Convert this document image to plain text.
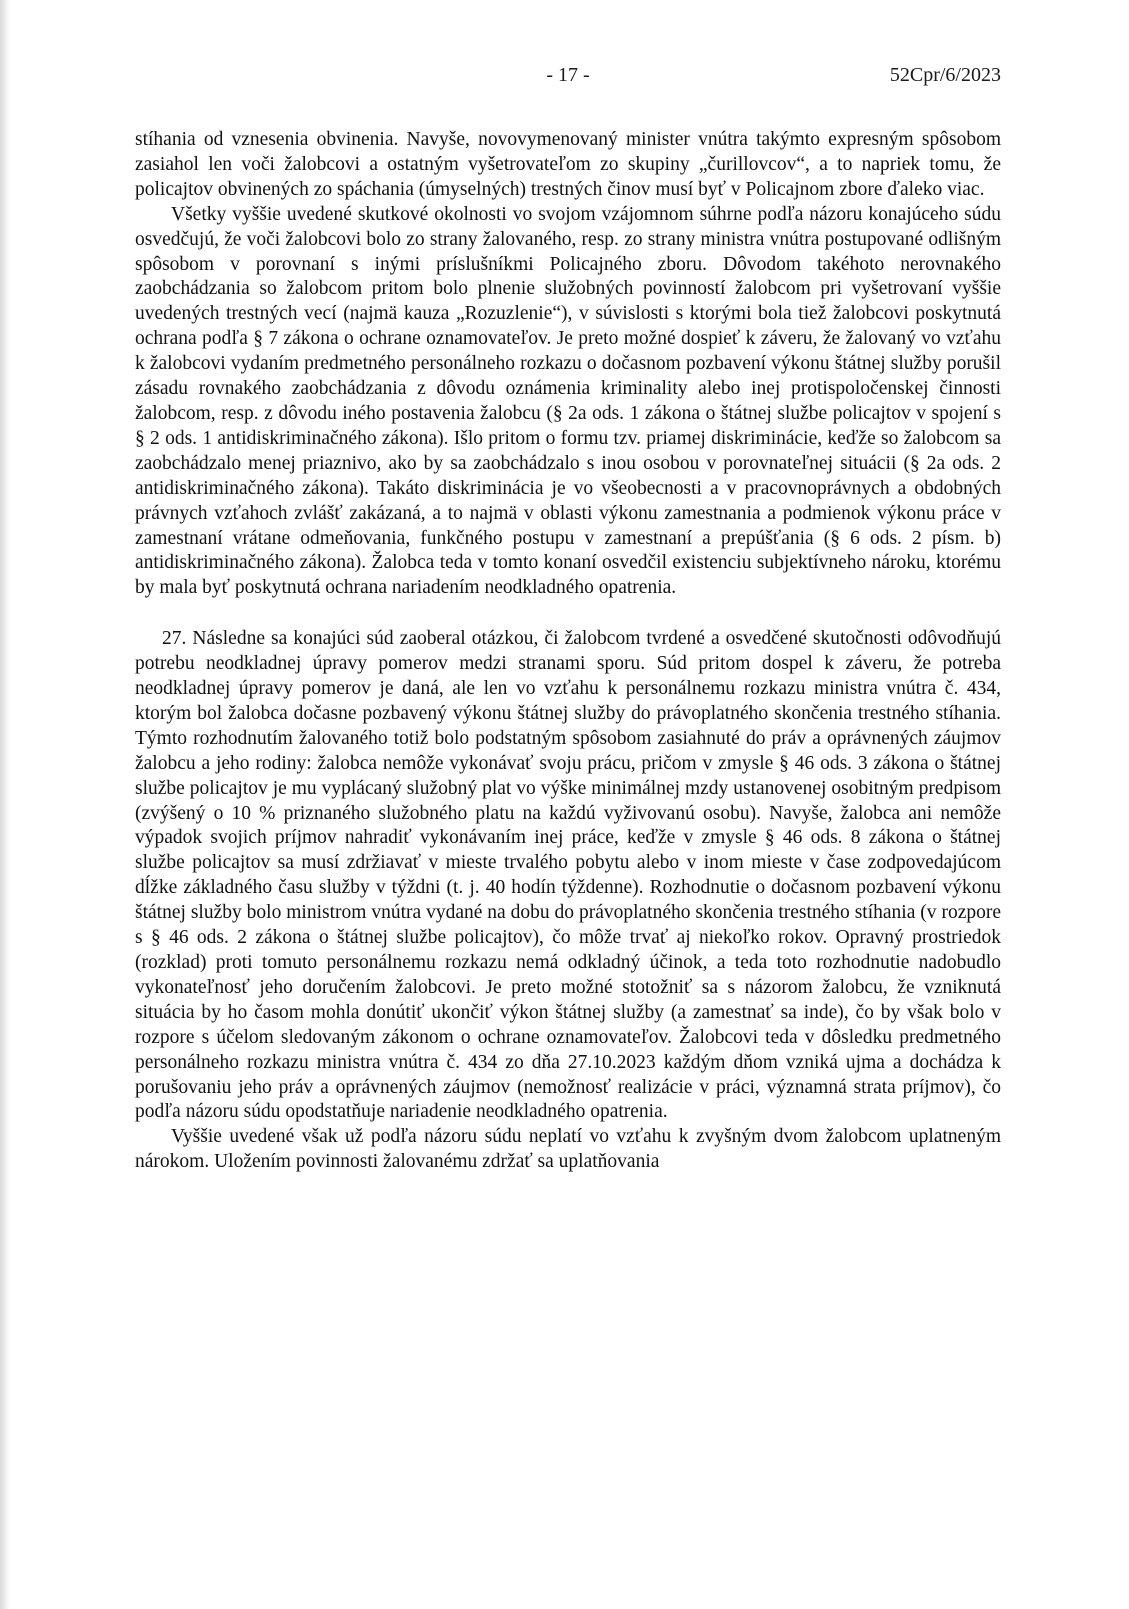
- 17 -	52Cpr/6/2023

stíhania od vznesenia obvinenia. Navyše, novovymenovaný minister vnútra takýmto expresným spôsobom zasiahol len voči žalobcovi a ostatným vyšetrovateľom zo skupiny „čurillovcov“, a to napriek tomu, že policajtov obvinených zo spáchania (úmyselných) trestných činov musí byť v Policajnom zbore ďaleko viac.

Všetky vyššie uvedené skutkové okolnosti vo svojom vzájomnom súhrne podľa názoru konajúceho súdu osvedčujú, že voči žalobcovi bolo zo strany žalovaného, resp. zo strany ministra vnútra postupované odlišným spôsobom v porovnaní s inými príslušníkmi Policajného zboru. Dôvodom takéhoto nerovnakého zaobchádzania so žalobcom pritom bolo plnenie služobných povinností žalobcom pri vyšetrovaní vyššie uvedených trestných vecí (najmä kauza „Rozuzlenie“), v súvislosti s ktorými bola tiež žalobcovi poskytnutá ochrana podľa § 7 zákona o ochrane oznamovateľov. Je preto možné dospieť k záveru, že žalovaný vo vzťahu k žalobcovi vydaním predmetného personálneho rozkazu o dočasnom pozbavení výkonu štátnej služby porušil zásadu rovnakého zaobchádzania z dôvodu oznámenia kriminality alebo inej protispoločenskej činnosti žalobcom, resp. z dôvodu iného postavenia žalobcu (§ 2a ods. 1 zákona o štátnej službe policajtov v spojení s § 2 ods. 1 antidiskriminačného zákona). Išlo pritom o formu tzv. priamej diskriminácie, keďže so žalobcom sa zaobchádzalo menej priaznivo, ako by sa zaobchádzalo s inou osobou v porovnateľnej situácii (§ 2a ods. 2 antidiskriminačného zákona). Takáto diskriminácia je vo všeobecnosti a v pracovnoprávnych a obdobných právnych vzťahoch zvlášť zakázaná, a to najmä v oblasti výkonu zamestnania a podmienok výkonu práce v zamestnaní vrátane odmeňovania, funkčného postupu v zamestnaní a prepúšťania (§ 6 ods. 2 písm. b) antidiskriminačného zákona). Žalobca teda v tomto konaní osvedčil existenciu subjektívneho nároku, ktorému by mala byť poskytnutá ochrana nariadením neodkladného opatrenia.

27. Následne sa konajúci súd zaoberal otázkou, či žalobcom tvrdené a osvedčené skutočnosti odôvodňujú potrebu neodkladnej úpravy pomerov medzi stranami sporu. Súd pritom dospel k záveru, že potreba neodkladnej úpravy pomerov je daná, ale len vo vzťahu k personálnemu rozkazu ministra vnútra č. 434, ktorým bol žalobca dočasne pozbavený výkonu štátnej služby do právoplatného skončenia trestného stíhania. Týmto rozhodnutím žalovaného totiž bolo podstatným spôsobom zasiahnuté do práv a oprávnených záujmov žalobcu a jeho rodiny: žalobca nemôže vykonávať svoju prácu, pričom v zmysle § 46 ods. 3 zákona o štátnej službe policajtov je mu vyplácaný služobný plat vo výške minimálnej mzdy ustanovenej osobitným predpisom (zvýšený o 10 % priznaného služobného platu na každú vyživovanú osobu). Navyše, žalobca ani nemôže výpadok svojich príjmov nahradiť vykonávaním inej práce, keďže v zmysle § 46 ods. 8 zákona o štátnej službe policajtov sa musí zdržiavať v mieste trvalého pobytu alebo v inom mieste v čase zodpovedajúcom dĺžke základného času služby v týždni (t. j. 40 hodín týždenne). Rozhodnutie o dočasnom pozbavení výkonu štátnej služby bolo ministrom vnútra vydané na dobu do právoplatného skončenia trestného stíhania (v rozpore s § 46 ods. 2 zákona o štátnej službe policajtov), čo môže trvať aj niekoľko rokov. Opravný prostriedok (rozklad) proti tomuto personálnemu rozkazu nemá odkladný účinok, a teda toto rozhodnutie nadobudlo vykonateľnosť jeho doručením žalobcovi. Je preto možné stotožniť sa s názorom žalobcu, že vzniknutá situácia by ho časom mohla donútiť ukončiť výkon štátnej služby (a zamestnať sa inde), čo by však bolo v rozpore s účelom sledovaným zákonom o ochrane oznamovateľov. Žalobcovi teda v dôsledku predmetného personálneho rozkazu ministra vnútra č. 434 zo dňa 27.10.2023 každým dňom vzniká ujma a dochádza k porušovaniu jeho práv a oprávnených záujmov (nemožnosť realizácie v práci, významná strata príjmov), čo podľa názoru súdu opodstatňuje nariadenie neodkladného opatrenia.

Vyššie uvedené však už podľa názoru súdu neplatí vo vzťahu k zvyšným dvom žalobcom uplatneným nárokom. Uložením povinnosti žalovanému zdržať sa uplatňovania
